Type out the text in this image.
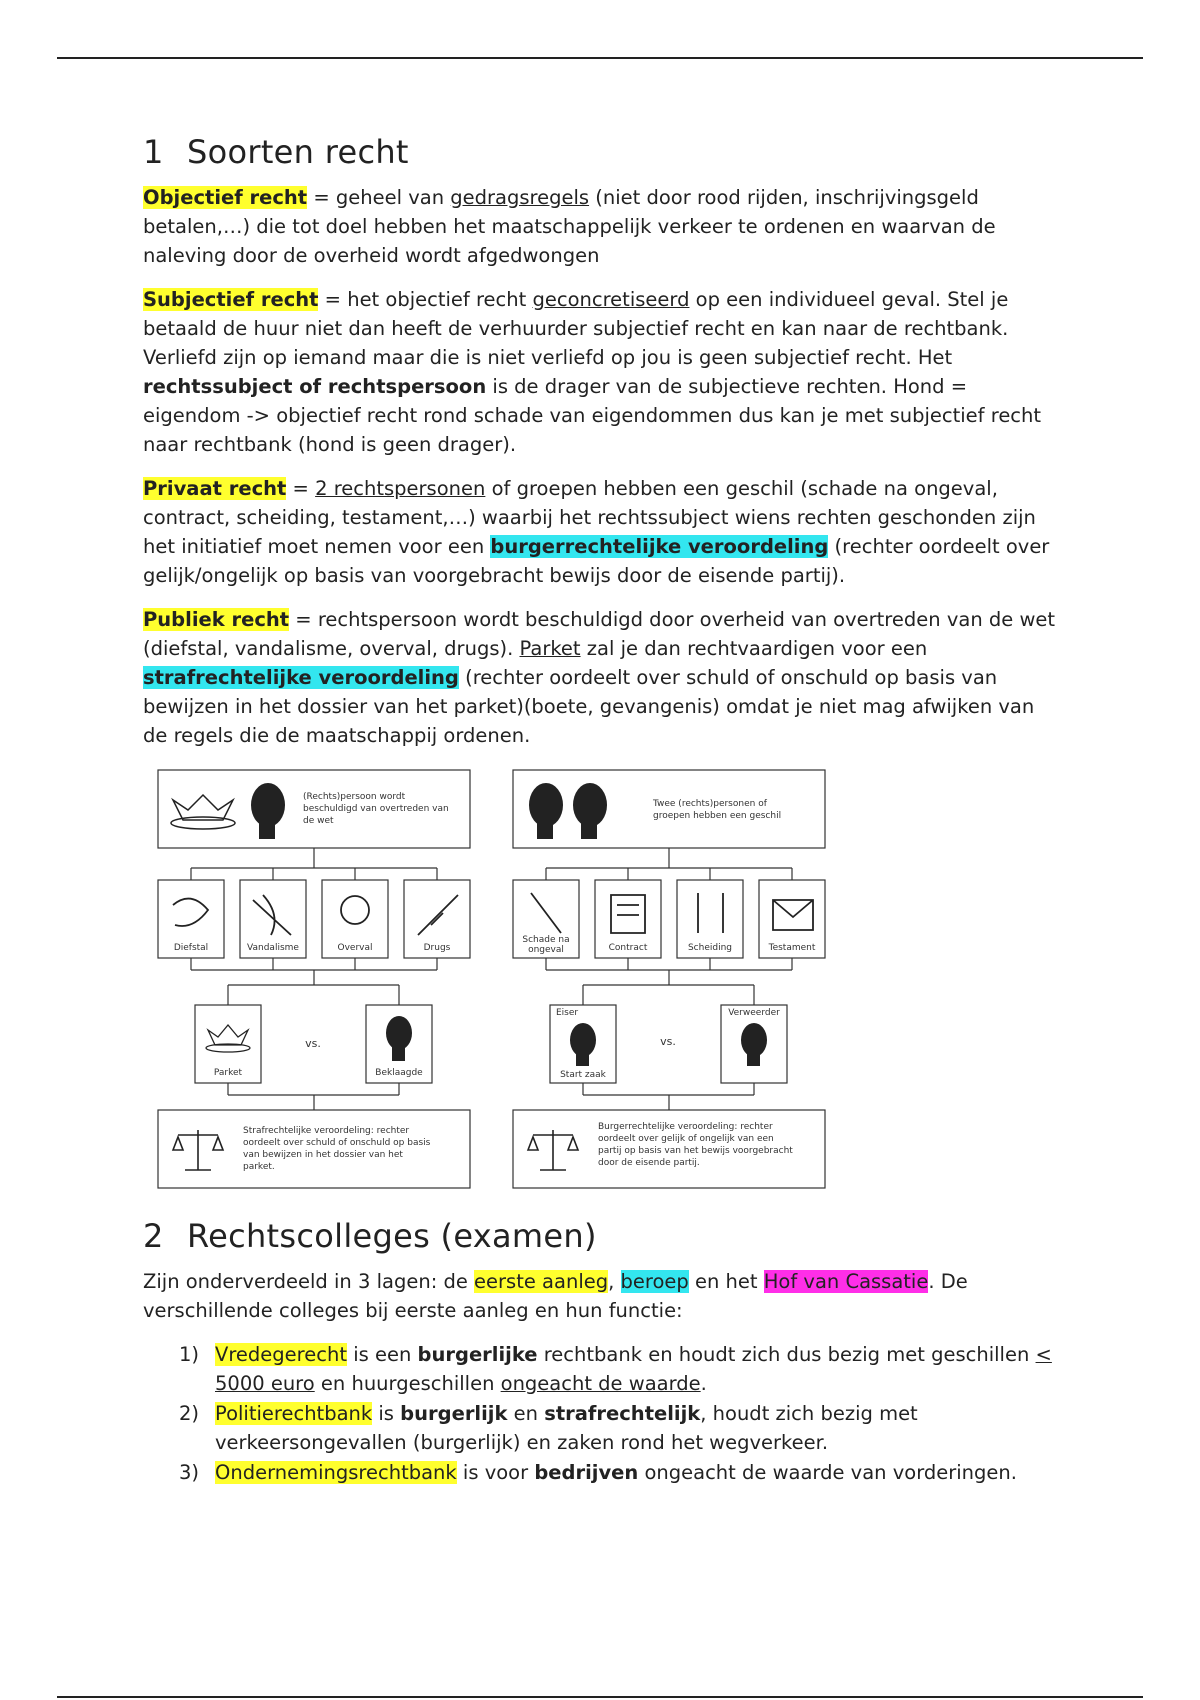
1 Soorten recht

Objectief recht = geheel van gedragsregels (niet door rood rijden, inschrijvingsgeld betalen,…) die tot doel hebben het maatschappelijk verkeer te ordenen en waarvan de naleving door de overheid wordt afgedwongen

Subjectief recht = het objectief recht geconcretiseerd op een individueel geval. Stel je betaald de huur niet dan heeft de verhuurder subjectief recht en kan naar de rechtbank. Verliefd zijn op iemand maar die is niet verliefd op jou is geen subjectief recht. Het rechtssubject of rechtspersoon is de drager van de subjectieve rechten. Hond = eigendom -> objectief recht rond schade van eigendommen dus kan je met subjectief recht naar rechtbank (hond is geen drager).

Privaat recht = 2 rechtspersonen of groepen hebben een geschil (schade na ongeval, contract, scheiding, testament,…) waarbij het rechtssubject wiens rechten geschonden zijn het initiatief moet nemen voor een burgerrechtelijke veroordeling (rechter oordeelt over gelijk/ongelijk op basis van voorgebracht bewijs door de eisende partij).

Publiek recht = rechtspersoon wordt beschuldigd door overheid van overtreden van de wet (diefstal, vandalisme, overval, drugs). Parket zal je dan rechtvaardigen voor een strafrechtelijke veroordeling (rechter oordeelt over schuld of onschuld op basis van bewijzen in het dossier van het parket)(boete, gevangenis) omdat je niet mag afwijken van de regels die de maatschappij ordenen.

(Rechts)persoon wordt beschuldigd van overtreden van de wet
Diefstal	Vandalisme	Overval	Drugs
Parket
vs.
Beklaagde
Strafrechtelijke veroordeling: rechter oordeelt over schuld of onschuld op basis van bewijzen in het dossier van het parket.
Twee (rechts)personen of groepen hebben een geschil
Schade na ongeval	Contract	Scheiding	Testament
Eiser
Start zaak
vs.
Verweerder
Burgerrechtelijke veroordeling: rechter oordeelt over gelijk of ongelijk van een partij op basis van het bewijs voorgebracht door de eisende partij.
2 Rechtscolleges (examen)

Zijn onderverdeeld in 3 lagen: de eerste aanleg, beroep en het Hof van Cassatie. De verschillende colleges bij eerste aanleg en hun functie:

1) Vredegerecht is een burgerlijke rechtbank en houdt zich dus bezig met geschillen < 5000 euro en huurgeschillen ongeacht de waarde.
2) Politierechtbank is burgerlijk en strafrechtelijk, houdt zich bezig met verkeersongevallen (burgerlijk) en zaken rond het wegverkeer.
3) Ondernemingsrechtbank is voor bedrijven ongeacht de waarde van vorderingen.
